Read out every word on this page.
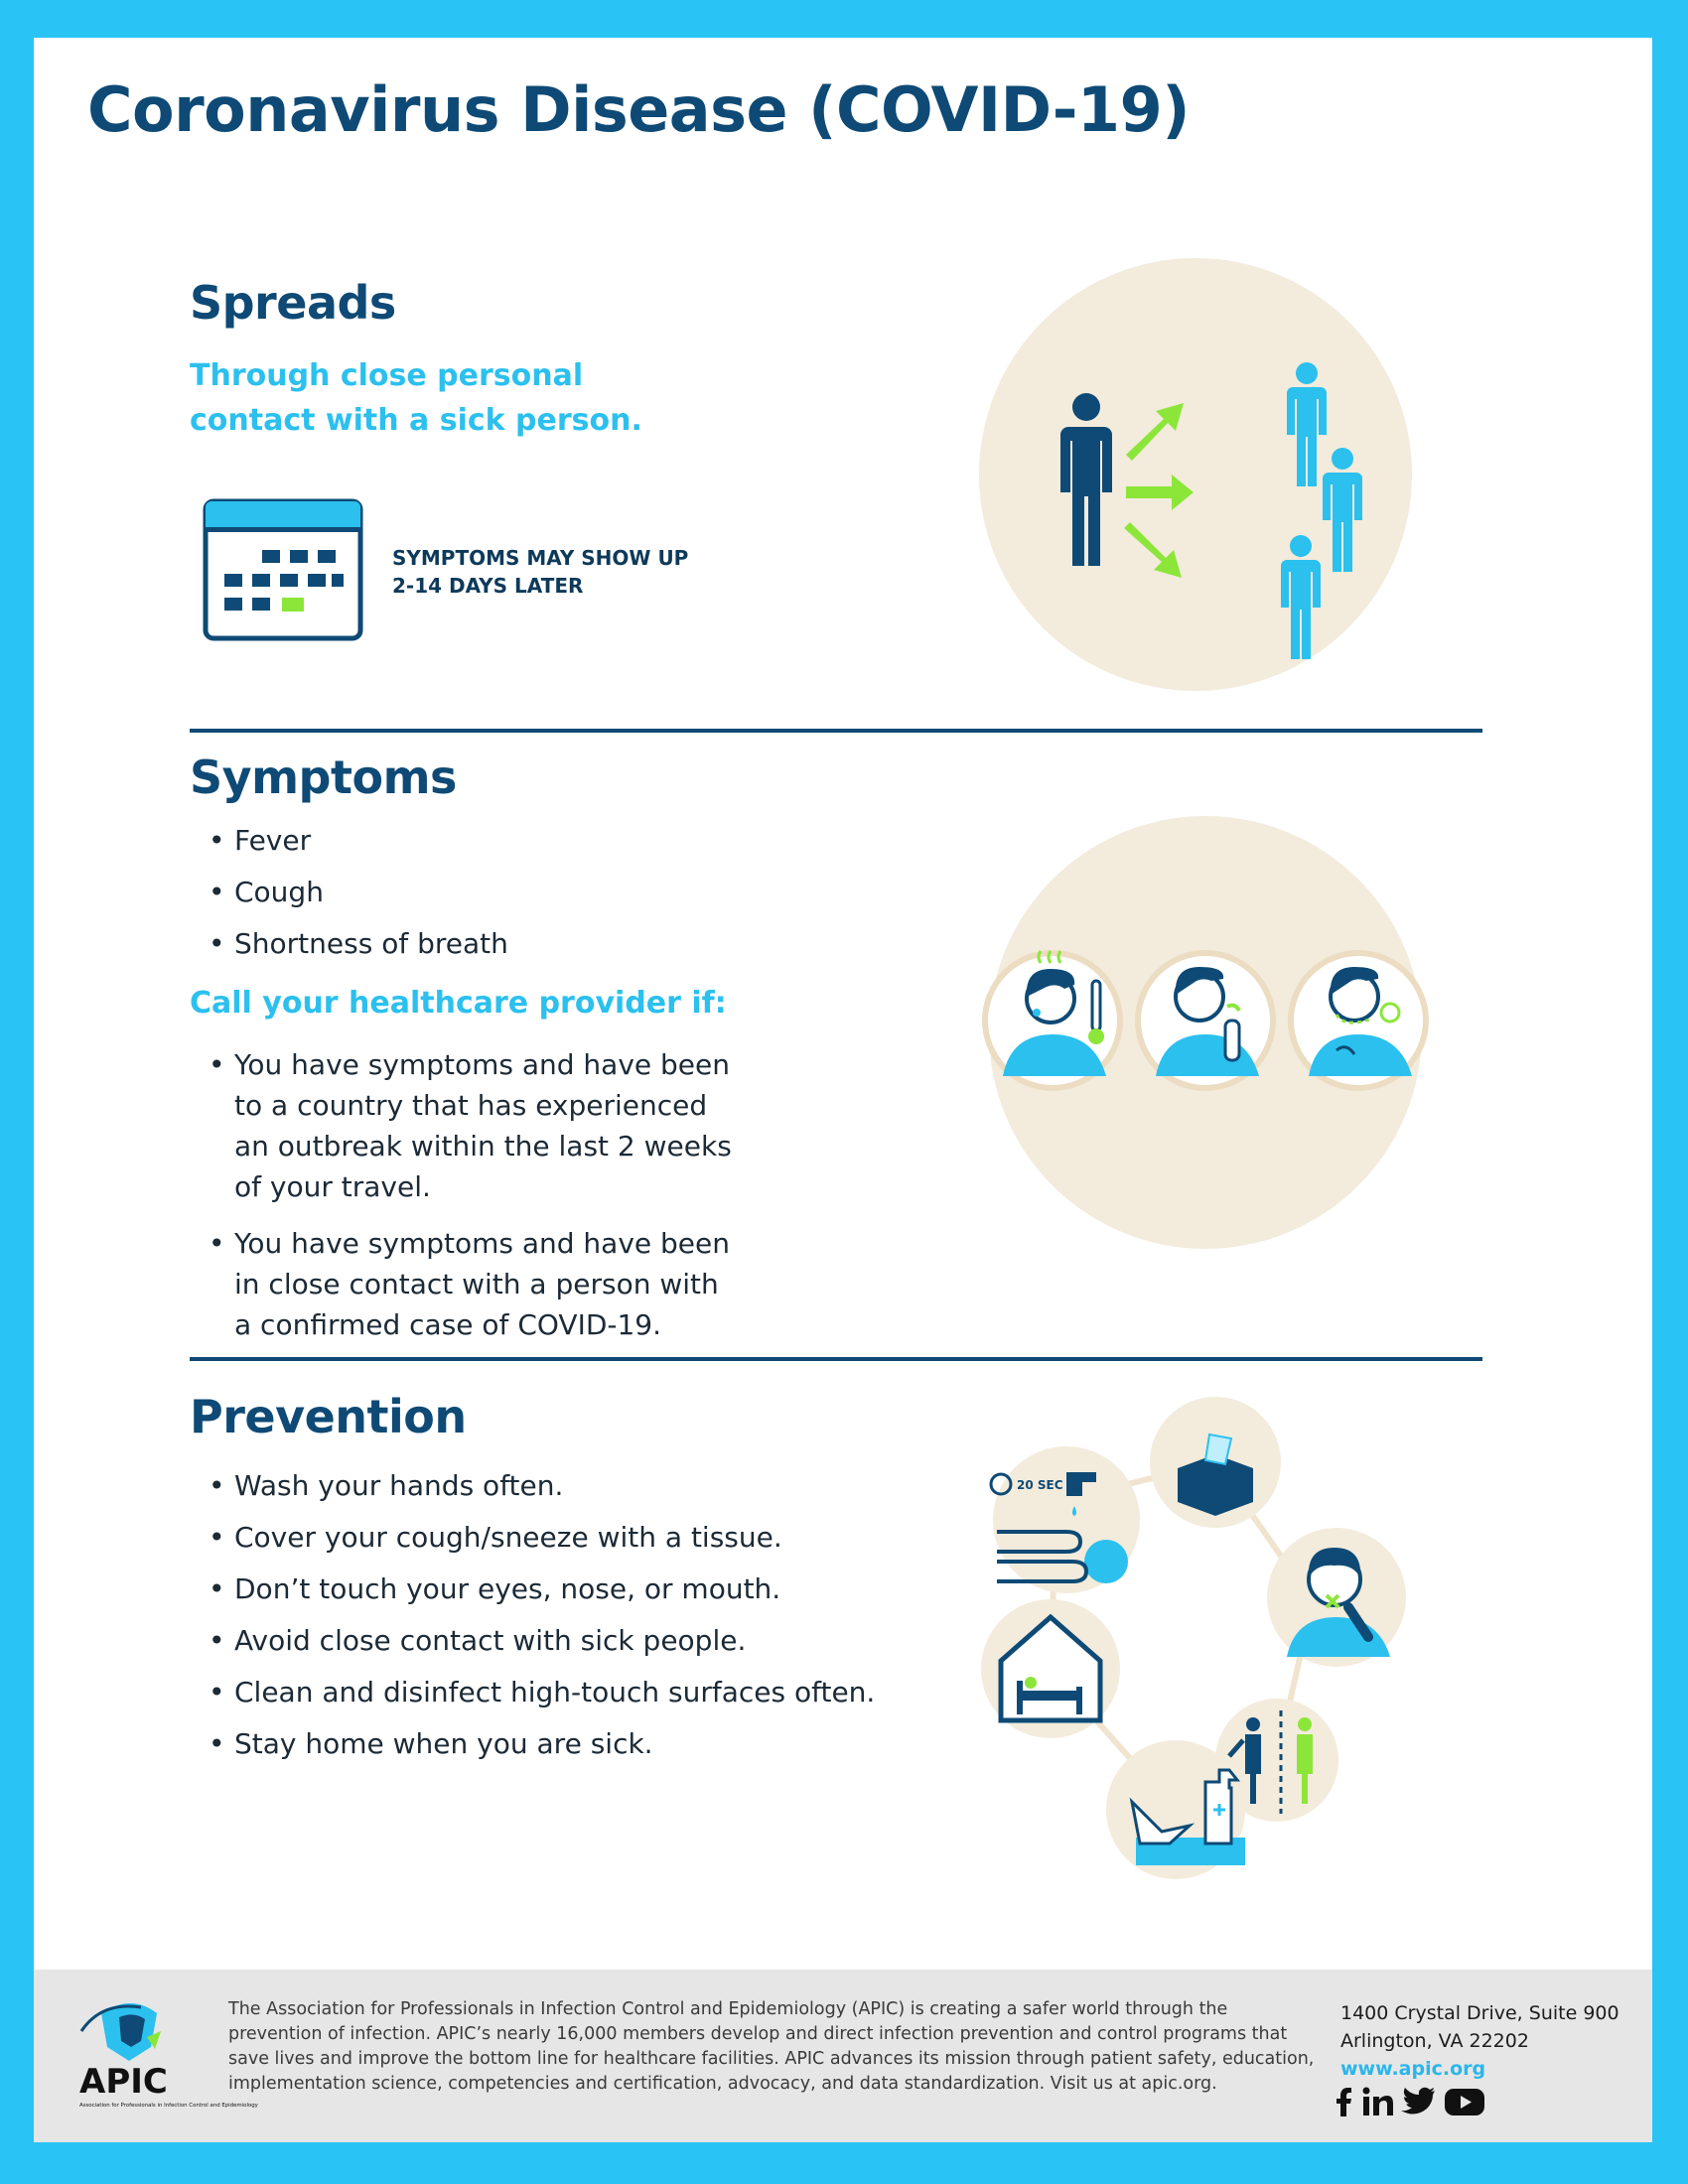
Coronavirus Disease (COVID-19)
Spreads
Through close personal
contact with a sick person.
SYMPTOMS MAY SHOW UP
2-14 DAYS LATER
Symptoms
• Fever
• Cough
• Shortness of breath
Call your healthcare provider if:
• You have symptoms and have been
to a country that has experienced
an outbreak within the last 2 weeks
of your travel.
• You have symptoms and have been
in close contact with a person with
a confirmed case of COVID-19.
Prevention
• Wash your hands often.
• Cover your cough/sneeze with a tissue.
• Don’t touch your eyes, nose, or mouth.
• Avoid close contact with sick people.
• Clean and disinfect high-touch surfaces often.
• Stay home when you are sick.
20 SEC
APIC
Association for Professionals in Infection Control and Epidemiology
The Association for Professionals in Infection Control and Epidemiology (APIC) is creating a safer world through the
prevention of infection. APIC’s nearly 16,000 members develop and direct infection prevention and control programs that
save lives and improve the bottom line for healthcare facilities. APIC advances its mission through patient safety, education,
implementation science, competencies and certification, advocacy, and data standardization. Visit us at apic.org.
1400 Crystal Drive, Suite 900
Arlington, VA 22202
www.apic.org
